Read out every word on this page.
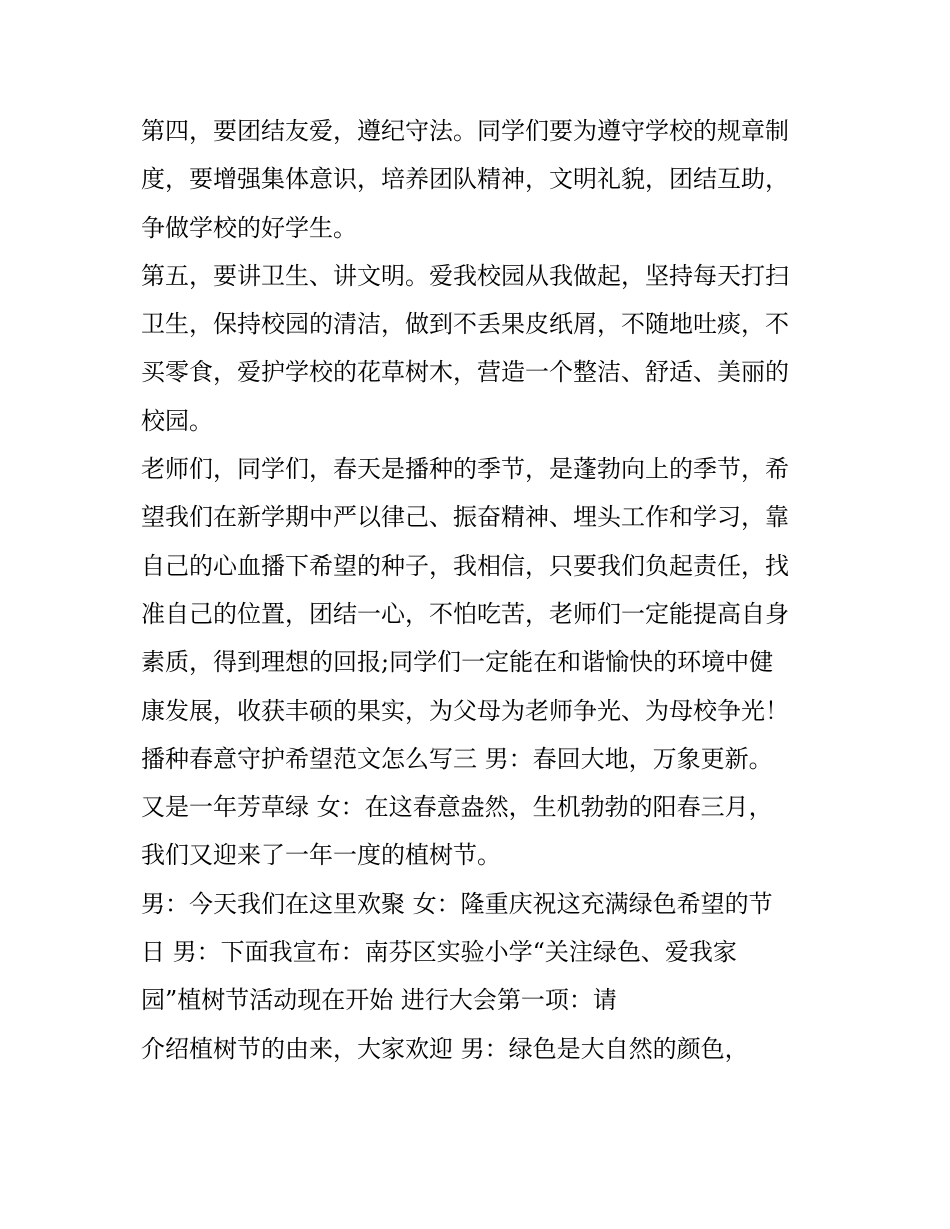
第四，要团结友爱，遵纪守法。同学们要为遵守学校的规章制
度，要增强集体意识，培养团队精神，文明礼貌，团结互助，
争做学校的好学生。
第五，要讲卫生、讲文明。爱我校园从我做起，坚持每天打扫
卫生，保持校园的清洁，做到不丢果皮纸屑，不随地吐痰，不
买零食，爱护学校的花草树木，营造一个整洁、舒适、美丽的
校园。
老师们，同学们，春天是播种的季节，是蓬勃向上的季节，希
望我们在新学期中严以律己、振奋精神、埋头工作和学习，靠
自己的心血播下希望的种子，我相信，只要我们负起责任，找
准自己的位置，团结一心，不怕吃苦，老师们一定能提高自身
素质，得到理想的回报;同学们一定能在和谐愉快的环境中健
康发展，收获丰硕的果实，为父母为老师争光、为母校争光！
播种春意守护希望范文怎么写三 男：春回大地，万象更新。
又是一年芳草绿 女：在这春意盎然，生机勃勃的阳春三月，
我们又迎来了一年一度的植树节。
男：今天我们在这里欢聚 女：隆重庆祝这充满绿色希望的节
日 男：下面我宣布：南芬区实验小学“关注绿色、爱我家
园”植树节活动现在开始 进行大会第一项：请
介绍植树节的由来，大家欢迎 男：绿色是大自然的颜色，
